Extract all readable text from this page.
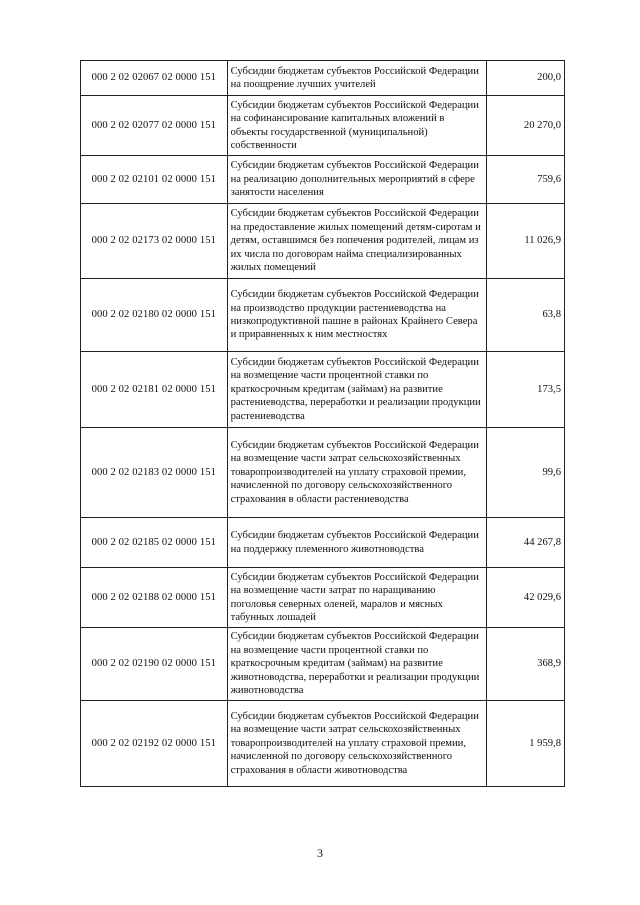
000 2 02 02067 02 0000 151	Субсидии бюджетам субъектов Российской Федерации на поощрение лучших учителей	200,0
000 2 02 02077 02 0000 151	Субсидии бюджетам субъектов Российской Федерации на софинансирование капитальных вложений в объекты государственной (муниципальной) собственности	20 270,0
000 2 02 02101 02 0000 151	Субсидии бюджетам субъектов Российской Федерации на реализацию дополнительных мероприятий в сфере занятости населения	759,6
000 2 02 02173 02 0000 151	Субсидии бюджетам субъектов Российской Федерации на предоставление жилых помещений детям-сиротам и детям, оставшимся без попечения родителей, лицам из их числа по договорам найма специализированных жилых помещений	11 026,9
000 2 02 02180 02 0000 151	Субсидии бюджетам субъектов Российской Федерации на производство продукции растениеводства на низкопродуктивной пашне в районах Крайнего Севера и приравненных к ним местностях	63,8
000 2 02 02181 02 0000 151	Субсидии бюджетам субъектов Российской Федерации на возмещение части процентной ставки по краткосрочным кредитам (займам) на развитие растениеводства, переработки и реализации продукции растениеводства	173,5
000 2 02 02183 02 0000 151	Субсидии бюджетам субъектов Российской Федерации на возмещение части затрат сельскохозяйственных товаропроизводителей на уплату страховой премии, начисленной по договору сельскохозяйственного страхования в области растениеводства	99,6
000 2 02 02185 02 0000 151	Субсидии бюджетам субъектов Российской Федерации на поддержку племенного животноводства	44 267,8
000 2 02 02188 02 0000 151	Субсидии бюджетам субъектов Российской Федерации на возмещение части затрат по наращиванию поголовья северных оленей, маралов и мясных табунных лошадей	42 029,6
000 2 02 02190 02 0000 151	Субсидии бюджетам субъектов Российской Федерации на возмещение части процентной ставки по краткосрочным кредитам (займам) на развитие животноводства, переработки и реализации продукции животноводства	368,9
000 2 02 02192 02 0000 151	Субсидии бюджетам субъектов Российской Федерации на возмещение части затрат сельскохозяйственных товаропроизводителей на уплату страховой премии, начисленной по договору сельскохозяйственного страхования в области животноводства	1 959,8
3
